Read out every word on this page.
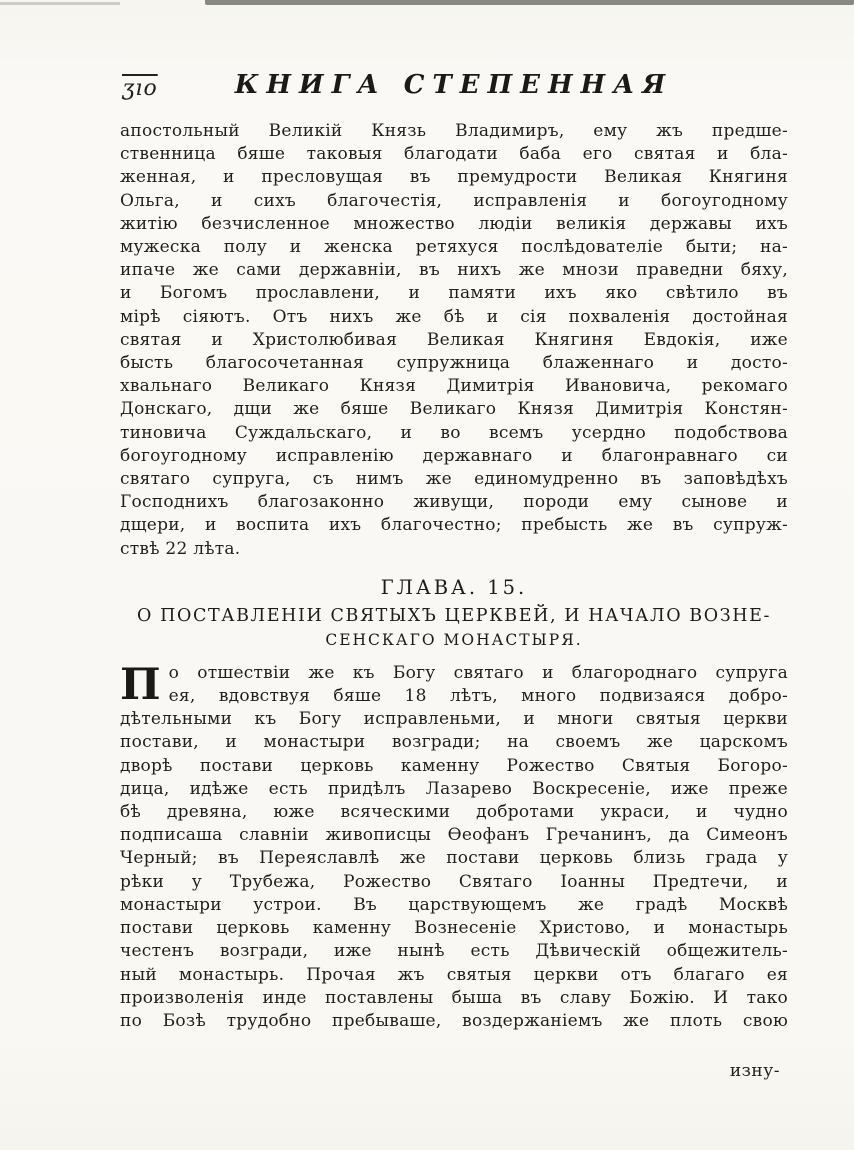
ʒıо	КНИГА СТЕПЕННАЯ
апостольный Великій Князь Владимиръ, ему жъ предше-
ственница бяше таковыя благодати баба его святая и бла-
женная, и пресловущая въ премудрости Великая Княгиня
Ольга, и сихъ благочестія, исправленія и богоугодному
житію безчисленное множество людіи великія державы ихъ
мужеска полу и женска ретяхуся послѣдователіе быти; на-
ипаче же сами державніи, въ нихъ же мнози праведни бяху,
и Богомъ прославлени, и памяти ихъ яко свѣтило въ
мірѣ сіяютъ. Отъ нихъ же бѣ и сія похваленія достойная
святая и Христолюбивая Великая Княгиня Евдокія, иже
бысть благосочетанная супружница блаженнаго и досто-
хвальнаго Великаго Князя Димитрія Ивановича, рекомаго
Донскаго, дщи же бяше Великаго Князя Димитрія Констян-
тиновича Суждальскаго, и во всемъ усердно подобствова
богоугодному исправленію державнаго и благонравнаго си
святаго супруга, съ нимъ же единомудренно въ заповѣдѣхъ
Господнихъ благозаконно живущи, породи ему сынове и
дщери, и воспита ихъ благочестно; пребысть же въ супруж-
ствѣ 22 лѣта.
ГЛАВА. 15.
О ПОСТАВЛЕНІИ СВЯТЫХЪ ЦЕРКВЕЙ, И НАЧАЛО ВОЗНЕ-
СЕНСКАГО МОНАСТЫРЯ.
П о отшествіи же къ Богу святаго и благороднаго супруга
ея, вдовствуя бяше 18 лѣтъ, много подвизаяся добро-
дѣтельными къ Богу исправленьми, и многи святыя церкви
постави, и монастыри возгради; на своемъ же царскомъ
дворѣ постави церковь каменну Рожество Святыя Богоро-
дица, идѣже есть придѣлъ Лазарево Воскресеніе, иже преже
бѣ древяна, юже всяческими добротами украси, и чудно
подписаша славніи живописцы Ѳеофанъ Гречанинъ, да Симеонъ
Черный; въ Переяславлѣ же постави церковь близь града у
рѣки у Трубежа, Рожество Святаго Іоанны Предтечи, и
монастыри устрои. Въ царствующемъ же градѣ Москвѣ
постави церковь каменну Вознесеніе Христово, и монастырь
честенъ возгради, иже нынѣ есть Дѣвическій общежитель-
ный монастырь. Прочая жъ святыя церкви отъ благаго ея
произволенія инде поставлены быша въ славу Божію. И тако
по Бозѣ трудобно пребываше, воздержаніемъ же плоть свою
изну-
